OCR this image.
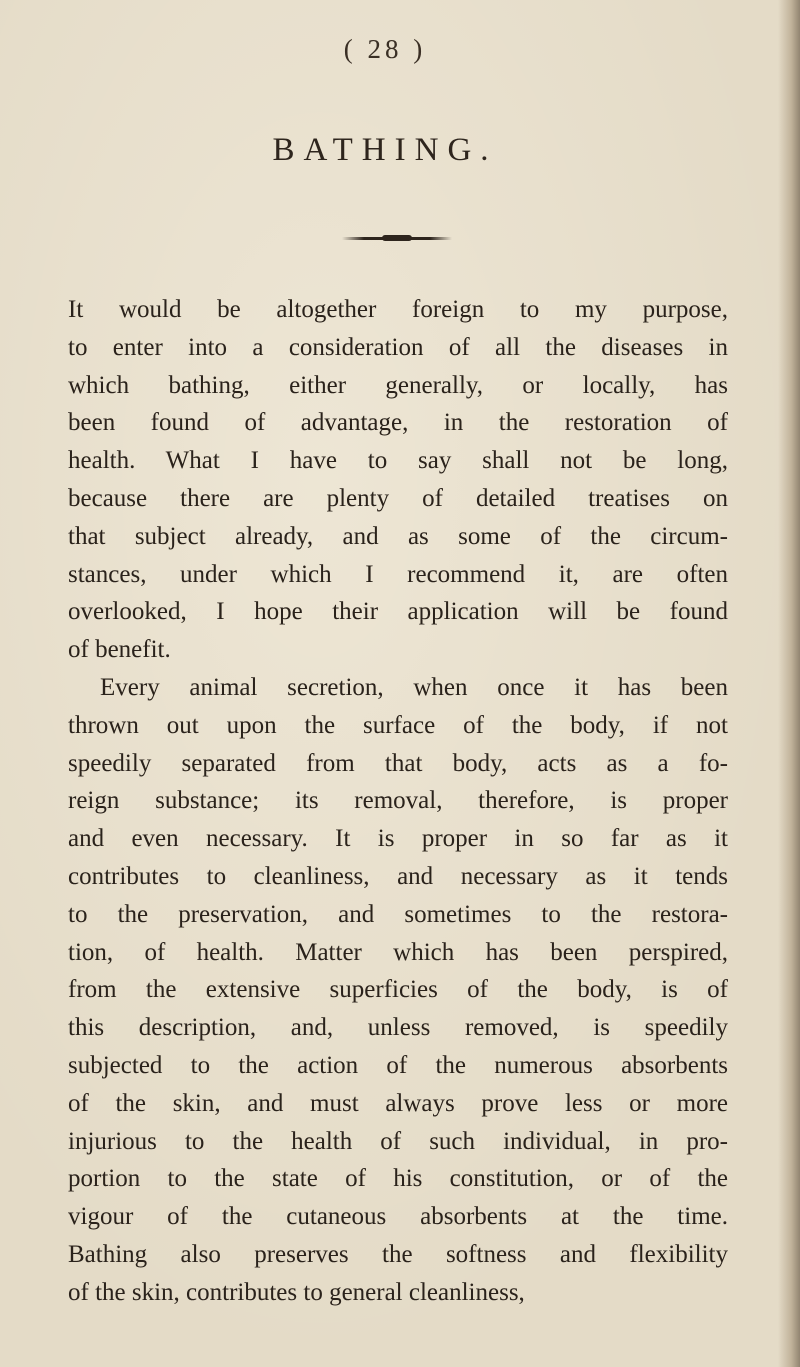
( 28 )
BATHING.
It would be altogether foreign to my purpose,
to enter into a consideration of all the diseases in
which bathing, either generally, or locally, has
been found of advantage, in the restoration of
health. What I have to say shall not be long,
because there are plenty of detailed treatises on
that subject already, and as some of the circum-
stances, under which I recommend it, are often
overlooked, I hope their application will be found
of benefit.
Every animal secretion, when once it has been
thrown out upon the surface of the body, if not
speedily separated from that body, acts as a fo-
reign substance; its removal, therefore, is proper
and even necessary. It is proper in so far as it
contributes to cleanliness, and necessary as it tends
to the preservation, and sometimes to the restora-
tion, of health. Matter which has been perspired,
from the extensive superficies of the body, is of
this description, and, unless removed, is speedily
subjected to the action of the numerous absorbents
of the skin, and must always prove less or more
injurious to the health of such individual, in pro-
portion to the state of his constitution, or of the
vigour of the cutaneous absorbents at the time.
Bathing also preserves the softness and flexibility
of the skin, contributes to general cleanliness,
